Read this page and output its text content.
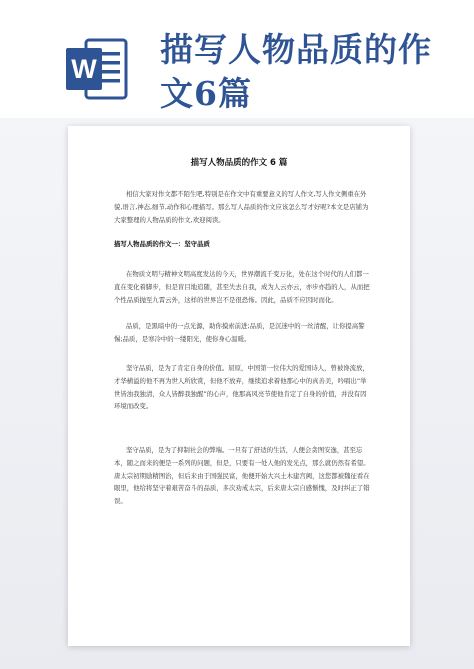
W 描写人物品质的作文6篇
描写人物品质的作文 6 篇

相信大家对作文都不陌生吧,特别是在作文中有重要意义的写人作文,写人作文侧重在外貌,语言,神态,细节,动作和心理描写。那么写人品质的作文应该怎么写才好呢?本文是店铺为大家整理的人物品质的作文,欢迎阅读。

描写人物品质的作文一：坚守品质

在物质文明与精神文明高度发达的今天，世界潮流千变万化，处在这个时代的人们都一直在变化着脚步，但是盲目地追随，甚至失去自我，成为人云亦云，亦步亦趋的人，从而把个性品质抛至九霄云外，这样的世界岂不是很恐怖。因此，品质不应因时而化。

品质，是黑暗中的一点光源，助你摸索前进;品质，是沉迷中的一丝清醒，让你提高警惕;品质，是寒冷中的一缕阳光，使你身心温暖。

坚守品质，是为了肯定自身的价值。屈原，中国第一位伟大的爱国诗人，曾被谗流放，才华横溢的他不再为世人所欣赏，但他不放弃，继续追求着他那心中的真善美，吟唱出“举世皆浊我独清，众人皆醉我独醒”的心声，他那高风亮节使他肯定了自身的价值，并没有因环境而改变。

坚守品质，是为了抑制社会的弊端。一旦有了舒适的生活，人便会贪图安逸，甚至忘本，随之而来的便是一系列的问题，但是，只要有一处人他的发光点，那么就仍然有希望。唐太宗初期励精图治，但后来由于国强民富，他便开始大兴土木建宫阙，这您都被魏征看在眼里，他给将坚守着艰苦奋斗的品质，多次劝戒太宗，后来唐太宗自感惭愧，及时纠正了错误。
